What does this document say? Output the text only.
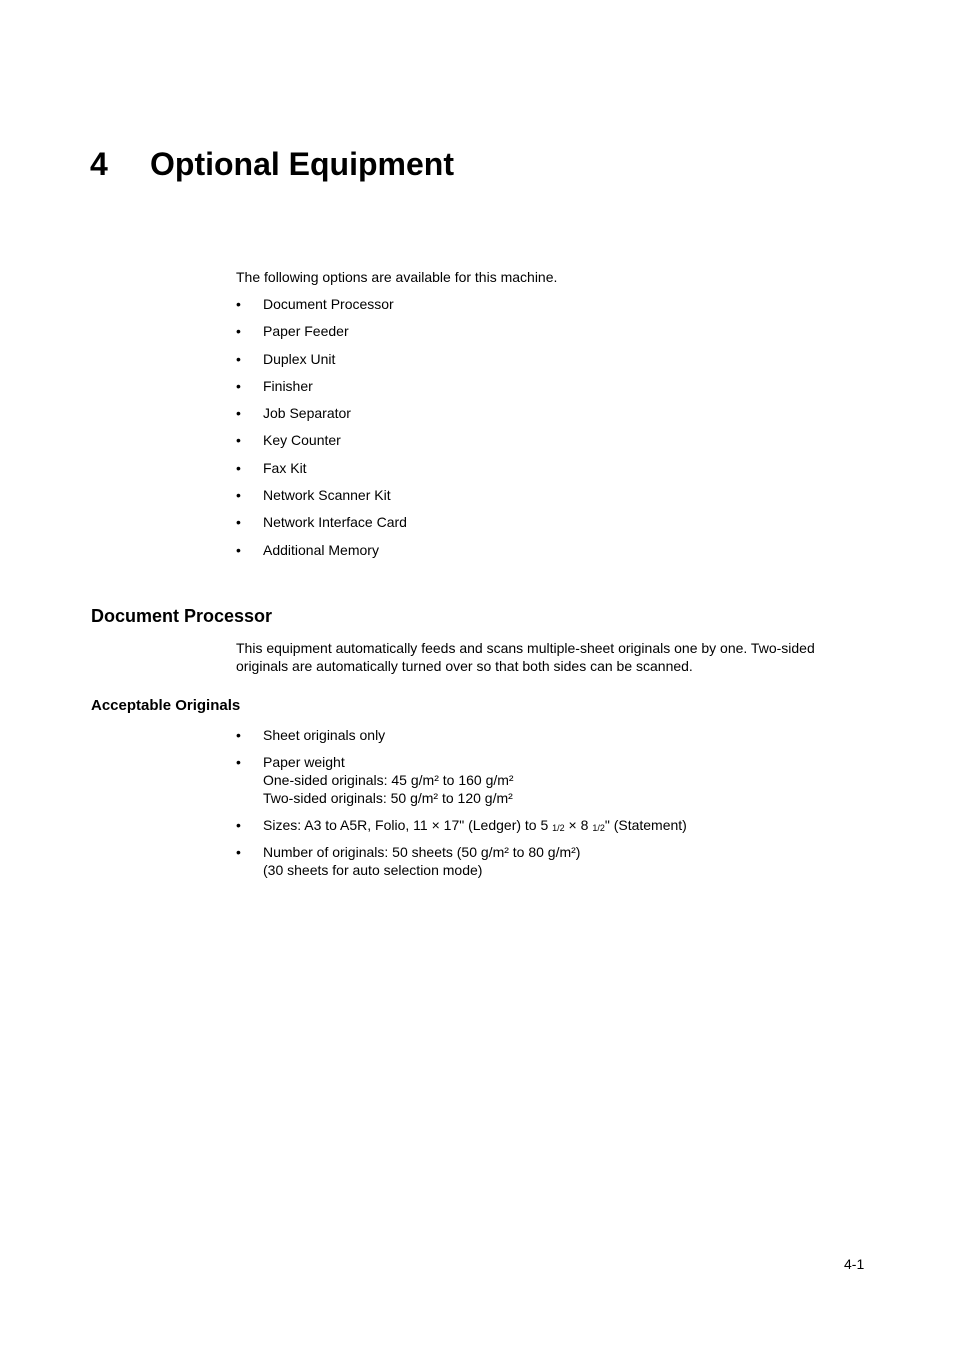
4 Optional Equipment

The following options are available for this machine.

• Document Processor
• Paper Feeder
• Duplex Unit
• Finisher
• Job Separator
• Key Counter
• Fax Kit
• Network Scanner Kit
• Network Interface Card
• Additional Memory
Document Processor

This equipment automatically feeds and scans multiple-sheet originals one by one. Two-sided
originals are automatically turned over so that both sides can be scanned.

Acceptable Originals
• Sheet originals only
• Paper weight
One-sided originals: 45 g/m² to 160 g/m²
Two-sided originals: 50 g/m² to 120 g/m²
• Sizes: A3 to A5R, Folio, 11 × 17" (Ledger) to 5 $_{1/2}$ × 8 $_{1/2}$" (Statement)
• Number of originals: 50 sheets (50 g/m² to 80 g/m²)
(30 sheets for auto selection mode)
4-1
